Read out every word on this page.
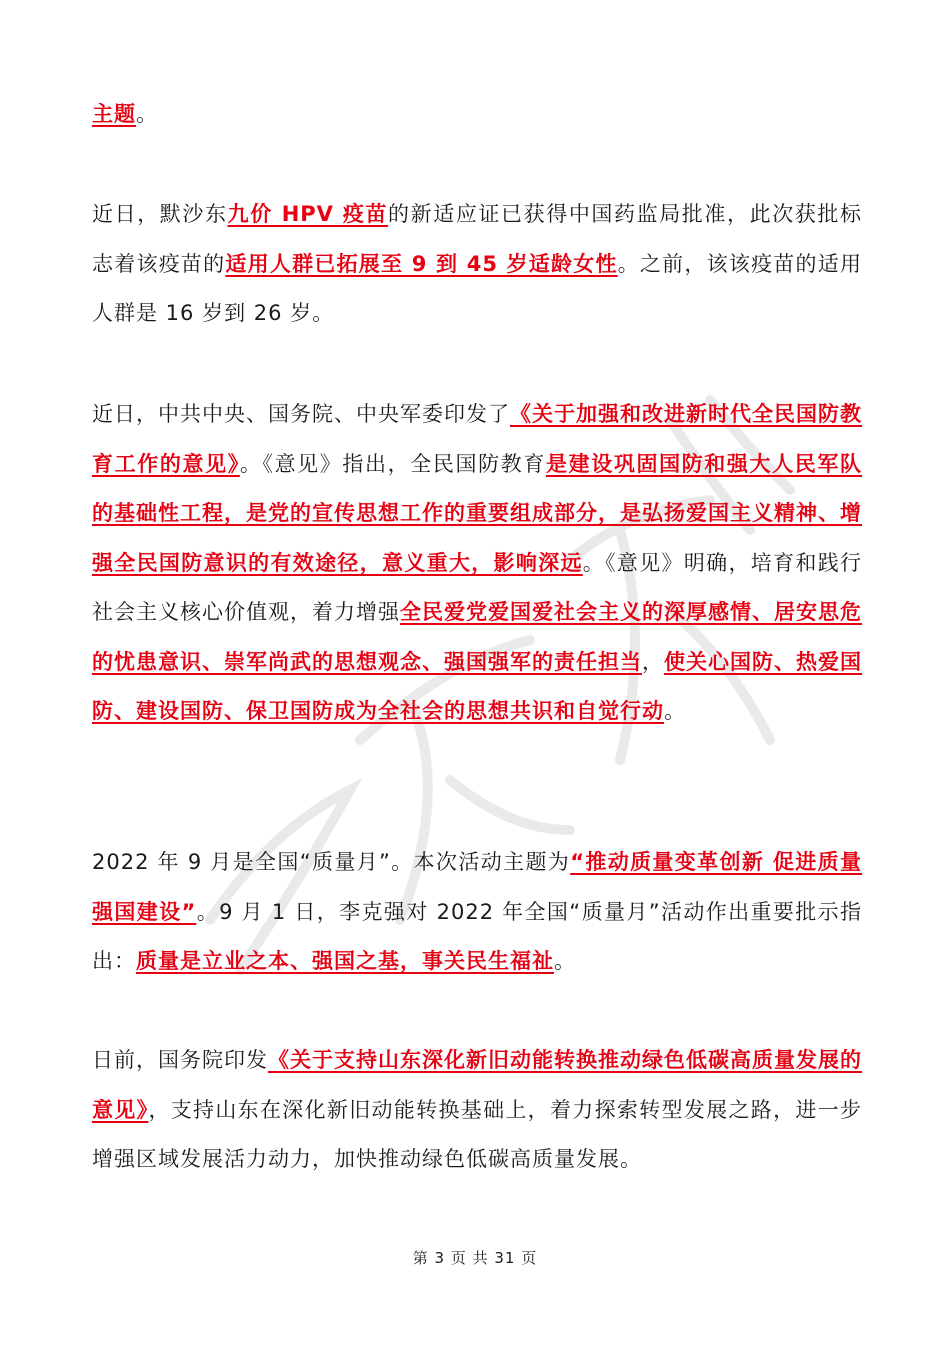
主题。

近日，默沙东九价 HPV 疫苗的新适应证已获得中国药监局批准，此次获批标志着该疫苗的适用人群已拓展至 9 到 45 岁适龄女性。之前，该该疫苗的适用人群是 16 岁到 26 岁。

近日，中共中央、国务院、中央军委印发了《关于加强和改进新时代全民国防教育工作的意见》。《意见》指出，全民国防教育是建设巩固国防和强大人民军队的基础性工程，是党的宣传思想工作的重要组成部分，是弘扬爱国主义精神、增强全民国防意识的有效途径，意义重大，影响深远。《意见》明确，培育和践行社会主义核心价值观，着力增强全民爱党爱国爱社会主义的深厚感情、居安思危的忧患意识、崇军尚武的思想观念、强国强军的责任担当，使关心国防、热爱国防、建设国防、保卫国防成为全社会的思想共识和自觉行动。

2022 年 9 月是全国“质量月”。本次活动主题为“推动质量变革创新 促进质量强国建设”。9 月 1 日，李克强对 2022 年全国“质量月”活动作出重要批示指出：质量是立业之本、强国之基，事关民生福祉。

日前，国务院印发《关于支持山东深化新旧动能转换推动绿色低碳高质量发展的意见》，支持山东在深化新旧动能转换基础上，着力探索转型发展之路，进一步增强区域发展活力动力，加快推动绿色低碳高质量发展。

第 3 页 共 31 页
